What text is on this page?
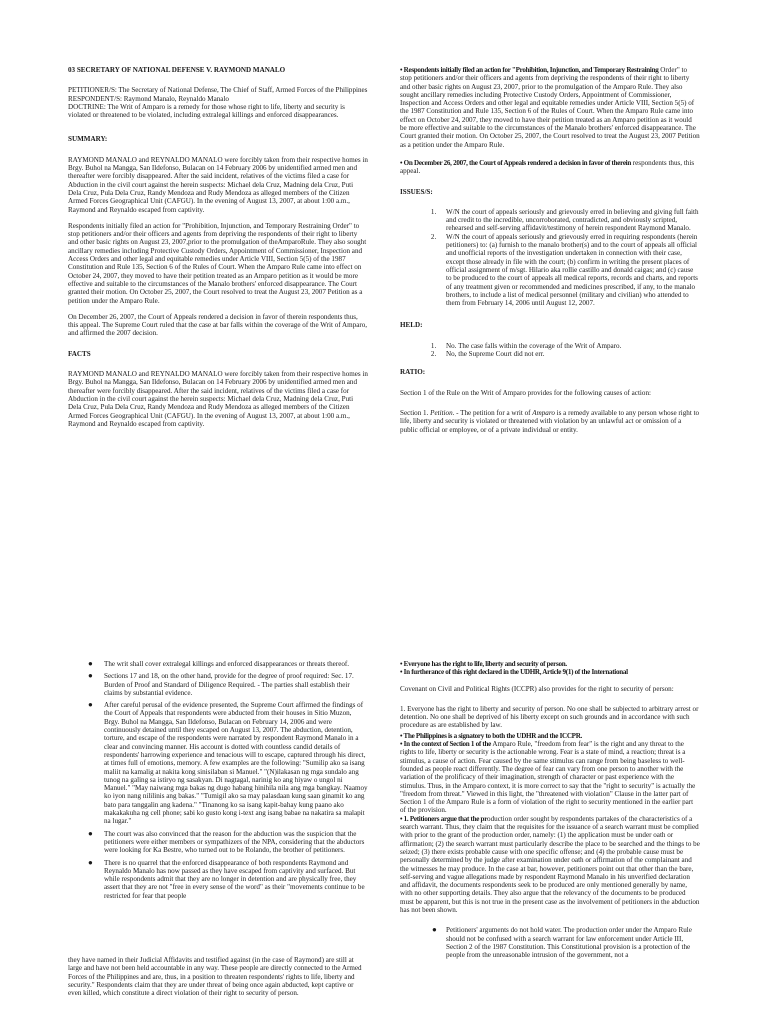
03 SECRETARY OF NATIONAL DEFENSE V. RAYMOND MANALO

PETITIONER/S: The Secretary of National Defense, The Chief of Staff, Armed Forces of the Philippines

RESPONDENT/S: Raymond Manalo, Reynaldo Manalo

DOCTRINE: The Writ of Amparo is a remedy for those whose right to life, liberty and security is violated or threatened to be violated, including extralegal killings and enforced disappearances.

SUMMARY:

RAYMOND MANALO and REYNALDO MANALO were forcibly taken from their respective homes in Brgy. Buhol na Mangga, San Ildefonso, Bulacan on 14 February 2006 by unidentified armed men and thereafter were forcibly disappeared. After the said incident, relatives of the victims filed a case for Abduction in the civil court against the herein suspects: Michael dela Cruz, Madning dela Cruz, Puti Dela Cruz, Pula Dela Cruz, Randy Mendoza and Rudy Mendoza as alleged members of the Citizen Armed Forces Geographical Unit (CAFGU). In the evening of August 13, 2007, at about 1:00 a.m., Raymond and Reynaldo escaped from captivity.

Respondents initially filed an action for "Prohibition, Injunction, and Temporary Restraining Order" to stop petitioners and/or their officers and agents from depriving the respondents of their right to liberty and other basic rights on August 23, 2007,prior to the promulgation of theAmparoRule. They also sought ancillary remedies including Protective Custody Orders, Appointment of Commissioner, Inspection and Access Orders and other legal and equitable remedies under Article VIII, Section 5(5) of the 1987 Constitution and Rule 135, Section 6 of the Rules of Court. When the Amparo Rule came into effect on October 24, 2007, they moved to have their petition treated as an Amparo petition as it would be more effective and suitable to the circumstances of the Manalo brothers' enforced disappearance. The Court granted their motion. On October 25, 2007, the Court resolved to treat the August 23, 2007 Petition as a petition under the Amparo Rule.

On December 26, 2007, the Court of Appeals rendered a decision in favor of therein respondents thus, this appeal. The Supreme Court ruled that the case at bar falls within the coverage of the Writ of Amparo, and affirmed the 2007 decision.

FACTS

RAYMOND MANALO and REYNALDO MANALO were forcibly taken from their respective homes in Brgy. Buhol na Mangga, San Ildefonso, Bulacan on 14 February 2006 by unidentified armed men and thereafter were forcibly disappeared. After the said incident, relatives of the victims filed a case for Abduction in the civil court against the herein suspects: Michael dela Cruz, Madning dela Cruz, Puti Dela Cruz, Pula Dela Cruz, Randy Mendoza and Rudy Mendoza as alleged members of the Citizen Armed Forces Geographical Unit (CAFGU). In the evening of August 13, 2007, at about 1:00 a.m., Raymond and Reynaldo escaped from captivity.

• Respondents initially filed an action for "Prohibition, Injunction, and Temporary Restraining Order" to stop petitioners and/or their officers and agents from depriving the respondents of their right to liberty and other basic rights on August 23, 2007, prior to the promulgation of the Amparo Rule. They also sought ancillary remedies including Protective Custody Orders, Appointment of Commissioner, Inspection and Access Orders and other legal and equitable remedies under Article VIII, Section 5(5) of the 1987 Constitution and Rule 135, Section 6 of the Rules of Court. When the Amparo Rule came into effect on October 24, 2007, they moved to have their petition treated as an Amparo petition as it would be more effective and suitable to the circumstances of the Manalo brothers' enforced disappearance. The Court granted their motion. On October 25, 2007, the Court resolved to treat the August 23, 2007 Petition as a petition under the Amparo Rule.

• On December 26, 2007, the Court of Appeals rendered a decision in favor of therein respondents thus, this appeal.

ISSUES/S:

1. W/N the court of appeals seriously and grievously erred in believing and giving full faith and credit to the incredible, uncorroborated, contradicted, and obviously scripted, rehearsed and self-serving affidavit/testimony of herein respondent Raymond Manalo.
2. W/N the court of appeals seriously and grievously erred in requiring respondents (herein petitioners) to: (a) furnish to the manalo brother(s) and to the court of appeals all official and unofficial reports of the investigation undertaken in connection with their case, except those already in file with the court; (b) confirm in writing the present places of official assignment of m/sgt. Hilario aka rollie castillo and donald caigas; and (c) cause to be produced to the court of appeals all medical reports, records and charts, and reports of any treatment given or recommended and medicines prescribed, if any, to the manalo brothers, to include a list of medical personnel (military and civilian) who attended to them from February 14, 2006 until August 12, 2007.

HELD:

1. No. The case falls within the coverage of the Writ of Amparo.
2. No, the Supreme Court did not err.

RATIO:

Section 1 of the Rule on the Writ of Amparo provides for the following causes of action:

Section 1. Petition. - The petition for a writ of Amparo is a remedy available to any person whose right to life, liberty and security is violated or threatened with violation by an unlawful act or omission of a public official or employee, or of a private individual or entity.

● The writ shall cover extralegal killings and enforced disappearances or threats thereof.
● Sections 17 and 18, on the other hand, provide for the degree of proof required: Sec. 17. Burden of Proof and Standard of Diligence Required. - The parties shall establish their claims by substantial evidence.
● After careful perusal of the evidence presented, the Supreme Court affirmed the findings of the Court of Appeals that respondents were abducted from their houses in Sitio Muzon, Brgy. Buhol na Mangga, San Ildefonso, Bulacan on February 14, 2006 and were continuously detained until they escaped on August 13, 2007. The abduction, detention, torture, and escape of the respondents were narrated by respondent Raymond Manalo in a clear and convincing manner. His account is dotted with countless candid details of respondents' harrowing experience and tenacious will to escape, captured through his direct, at times full of emotions, memory. A few examples are the following: "Sumilip ako sa isang maliit na kamalig at nakita kong sinisilaban si Manuel." "(N)ilakasan ng mga sundalo ang tunog na galing sa istiryo ng sasakyan. Di nagtagal, narinig ko ang hiyaw o ungol ni Manuel." "May naiwang mga bakas ng dugo habang hinihila nila ang mga bangkay. Naamoy ko iyon nang nililinis ang bakas." "Tumigil ako sa may palasdaan kung saan ginamit ko ang bato para tanggalin ang kadena." "Tinanong ko sa isang kapit-bahay kung paano ako makakakuha ng cell phone; sabi ko gusto kong i-text ang isang babae na nakatira sa malapit na lugar."
● The court was also convinced that the reason for the abduction was the suspicion that the petitioners were either members or sympathizers of the NPA, considering that the abductors were looking for Ka Bestre, who turned out to be Rolando, the brother of petitioners.
● There is no quarrel that the enforced disappearance of both respondents Raymond and Reynaldo Manalo has now passed as they have escaped from captivity and surfaced. But while respondents admit that they are no longer in detention and are physically free, they assert that they are not "free in every sense of the word" as their "movements continue to be restricted for fear that people
they have named in their Judicial Affidavits and testified against (in the case of Raymond) are still at large and have not been held accountable in any way. These people are directly connected to the Armed Forces of the Philippines and are, thus, in a position to threaten respondents' rights to life, liberty and security." Respondents claim that they are under threat of being once again abducted, kept captive or even killed, which constitute a direct violation of their right to security of person.

• Everyone has the right to life, liberty and security of person.

• In furtherance of this right declared in the UDHR, Article 9(1) of the International

Covenant on Civil and Political Rights (ICCPR) also provides for the right to security of person:

1. Everyone has the right to liberty and security of person. No one shall be subjected to arbitrary arrest or detention. No one shall be deprived of his liberty except on such grounds and in accordance with such procedure as are established by law.

• The Philippines is a signatory to both the UDHR and the ICCPR.

• In the context of Section 1 of the Amparo Rule, "freedom from fear" is the right and any threat to the rights to life, liberty or security is the actionable wrong. Fear is a state of mind, a reaction; threat is a stimulus, a cause of action. Fear caused by the same stimulus can range from being baseless to well-founded as people react differently. The degree of fear can vary from one person to another with the variation of the prolificacy of their imagination, strength of character or past experience with the stimulus. Thus, in the Amparo context, it is more correct to say that the "right to security" is actually the "freedom from threat." Viewed in this light, the "threatened with violation" Clause in the latter part of Section 1 of the Amparo Rule is a form of violation of the right to security mentioned in the earlier part of the provision.

• 1. Petitioners argue that the production order sought by respondents partakes of the characteristics of a search warrant. Thus, they claim that the requisites for the issuance of a search warrant must be complied with prior to the grant of the production order, namely: (1) the application must be under oath or affirmation; (2) the search warrant must particularly describe the place to be searched and the things to be seized; (3) there exists probable cause with one specific offense; and (4) the probable cause must be personally determined by the judge after examination under oath or affirmation of the complainant and the witnesses he may produce. In the case at bar, however, petitioners point out that other than the bare, self-serving and vague allegations made by respondent Raymond Manalo in his unverified declaration and affidavit, the documents respondents seek to be produced are only mentioned generally by name, with no other supporting details. They also argue that the relevancy of the documents to be produced must be apparent, but this is not true in the present case as the involvement of petitioners in the abduction has not been shown.

● Petitioners' arguments do not hold water. The production order under the Amparo Rule should not be confused with a search warrant for law enforcement under Article III, Section 2 of the 1987 Constitution. This Constitutional provision is a protection of the people from the unreasonable intrusion of the government, not a
